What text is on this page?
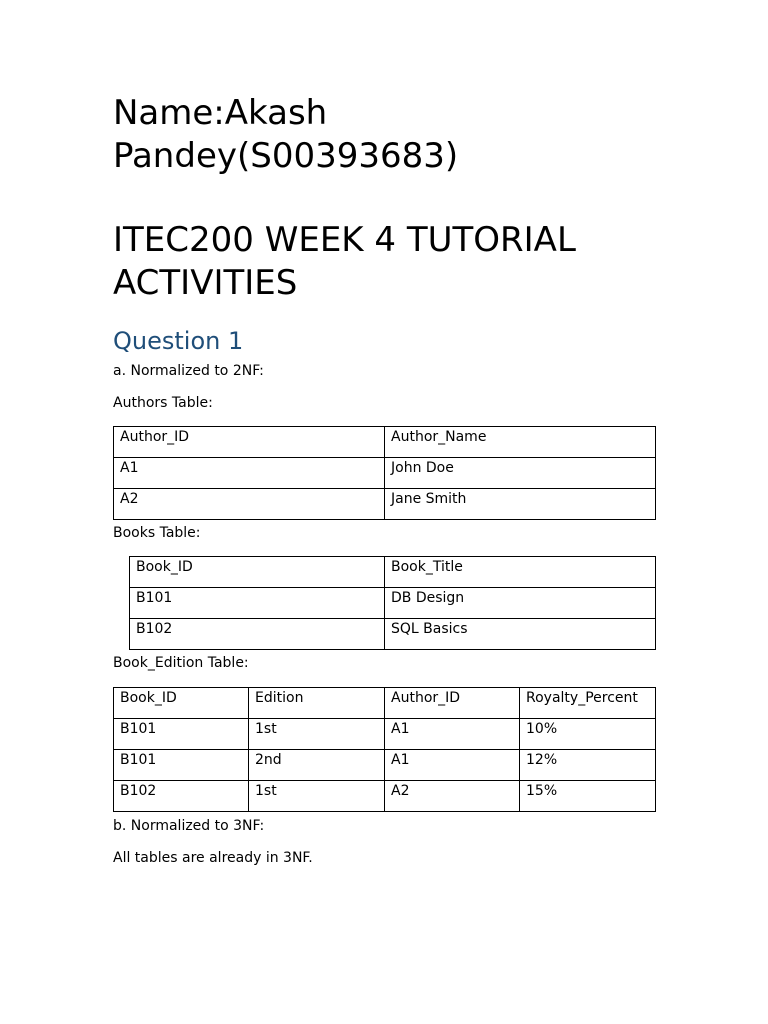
Name:Akash Pandey(S00393683)
ITEC200 WEEK 4 TUTORIAL ACTIVITIES
Question 1

a. Normalized to 2NF:

Authors Table:

Author_ID	Author_Name
A1	John Doe
A2	Jane Smith

Books Table:

Book_ID	Book_Title
B101	DB Design
B102	SQL Basics

Book_Edition Table:

Book_ID	Edition	Author_ID	Royalty_Percent
B101	1st	A1	10%
B101	2nd	A1	12%
B102	1st	A2	15%

b. Normalized to 3NF:

All tables are already in 3NF.
